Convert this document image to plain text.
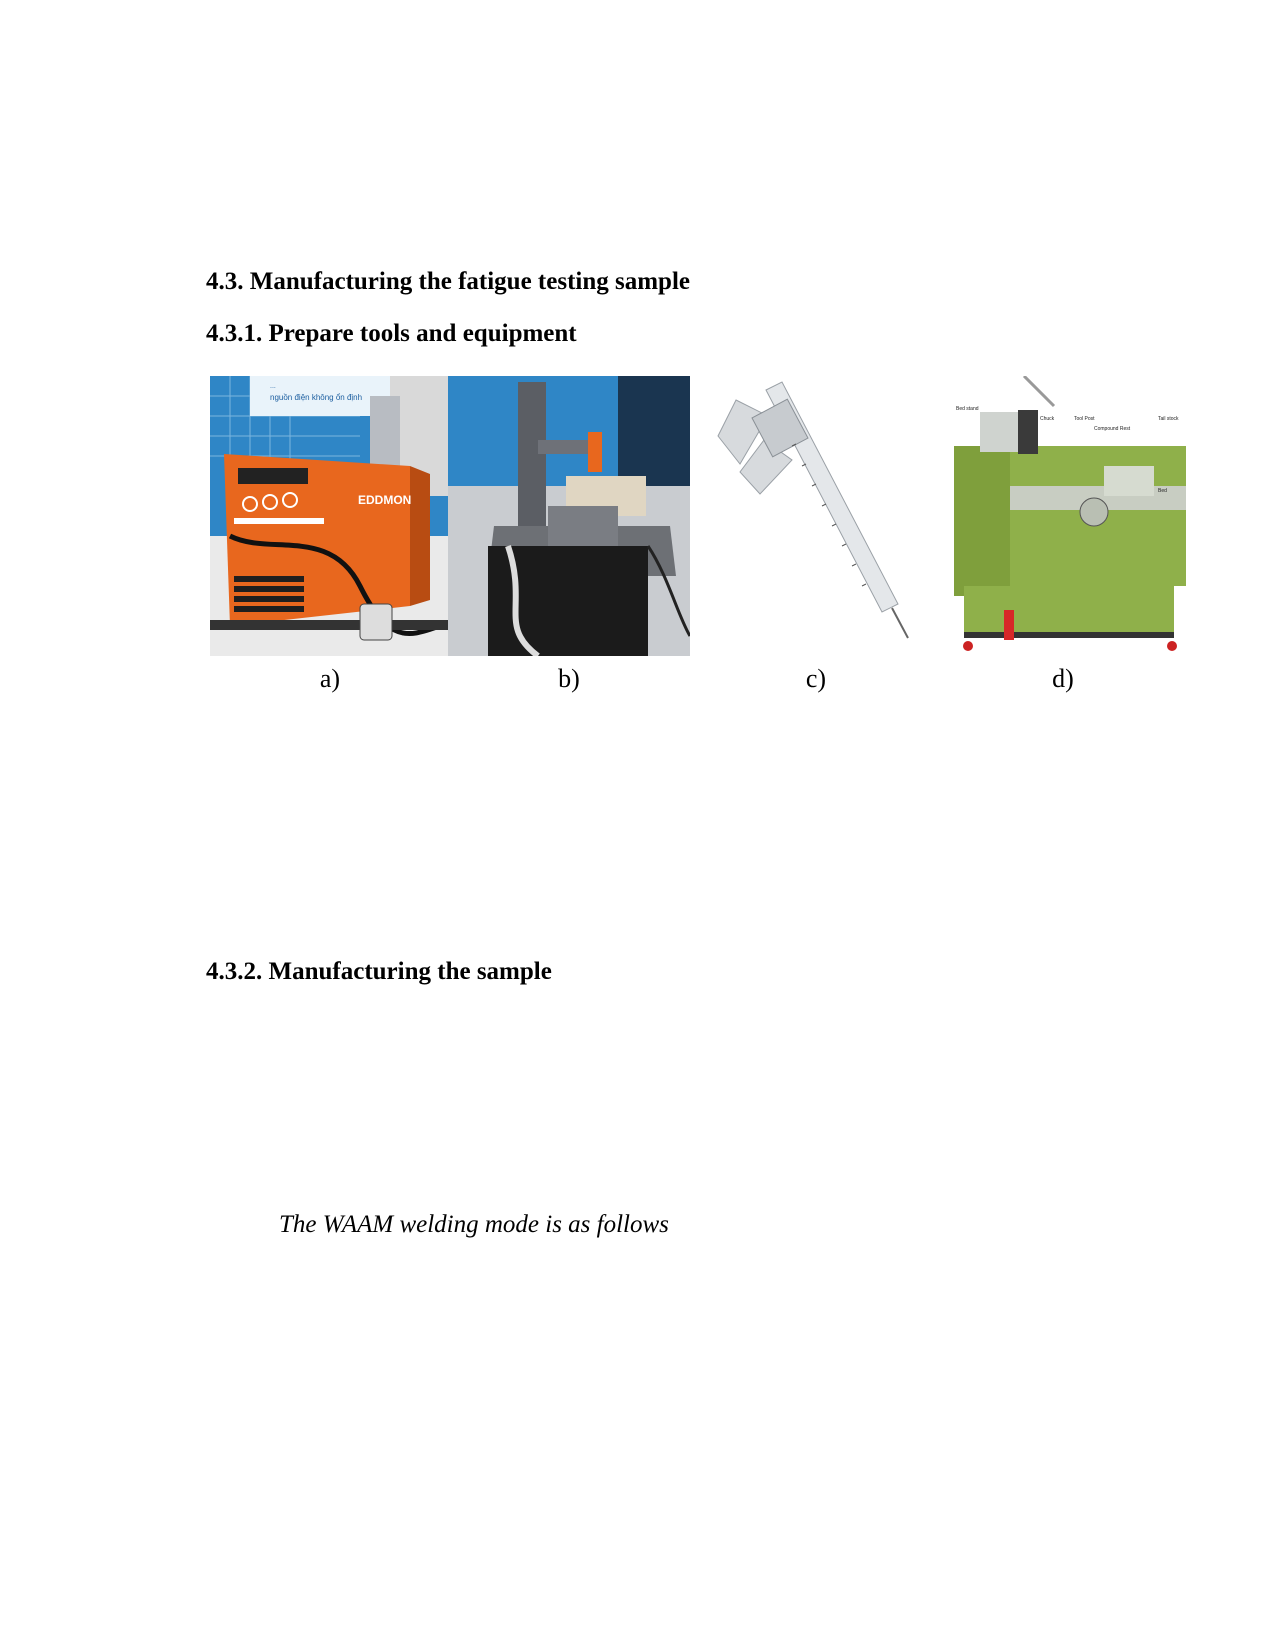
4.3. Manufacturing the fatigue testing sample
4.3.1. Prepare tools and equipment
...
nguồn điện không ổn định
EDDMON
Bed stand
Chuck	Tool Post
Compound Rest
Tail stock
Bed
a)	b)	c)	d)
4.3.2. Manufacturing the sample

The WAAM welding mode is as follows
